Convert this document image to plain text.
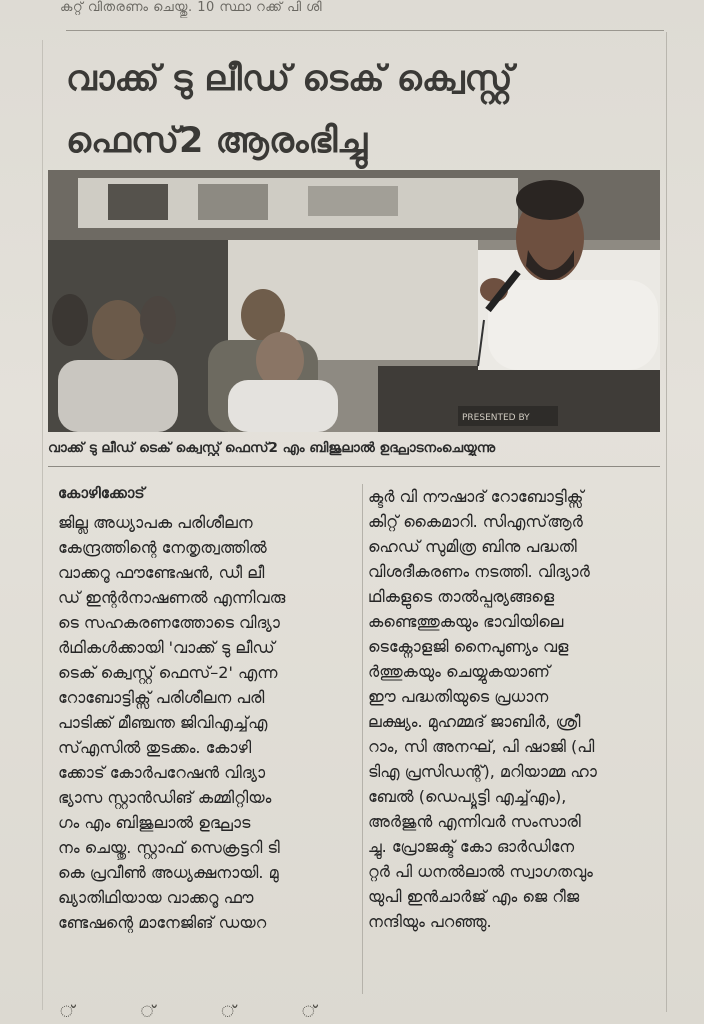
കറ്റ് വിതരണം ചെയ്തു. 10 സ്ഥാ റക്ക് പി ശി
വാക്ക് ടു ലീഡ് ടെക് ക്വെസ്റ്റ്
ഫെസ്2 ആരംഭിച്ചു
PRESENTED BY
വാക്ക് ടു ലീഡ് ടെക് ക്വെസ്റ്റ് ഫെസ്2 എം ബിജുലാൽ ഉദ്ഘാടനംചെയ്യുന്നു
കോഴിക്കോട്
ജില്ല അധ്യാപക പരിശീലന
കേന്ദ്രത്തിന്റെ നേതൃത്വത്തിൽ
വാക്കറൂ ഫൗണ്ടേഷൻ, ഡീ ലീ
ഡ് ഇന്റർനാഷണൽ എന്നിവരു
ടെ സഹകരണത്തോടെ വിദ്യാ
ർഥികൾക്കായി 'വാക്ക് ടു ലീഡ്
ടെക് ക്വെസ്റ്റ് ഫെസ്–2' എന്ന
റോബോട്ടിക്സ് പരിശീലന പരി
പാടിക്ക് മീഞ്ചന്ത ജിവിഎച്ച്എ
സ്എസിൽ തുടക്കം. കോഴി
ക്കോട് കോർപറേഷൻ വിദ്യാ
ഭ്യാസ സ്റ്റാൻഡിങ് കമ്മിറ്റിയം
ഗം എം ബിജുലാൽ ഉദ്ഘാട
നം ചെയ്തു. സ്റ്റാഫ് സെക്രട്ടറി ടി
കെ പ്രവീൺ അധ്യക്ഷനായി. മു
ഖ്യാതിഥിയായ വാക്കറൂ ഫൗ
ണ്ടേഷന്റെ മാനേജിങ് ഡയറ
ക്ടർ വി നൗഷാദ് റോബോട്ടിക്സ്
കിറ്റ് കൈമാറി. സിഎസ്ആർ
ഹെഡ് സുമിത്ര ബിനു പദ്ധതി
വിശദീകരണം നടത്തി. വിദ്യാർ
ഥികളുടെ താൽപ്പര്യങ്ങളെ
കണ്ടെത്തുകയും ഭാവിയിലെ
ടെക്നോളജി നൈപുണ്യം വള
ർത്തുകയും ചെയ്യുകയാണ്
ഈ പദ്ധതിയുടെ പ്രധാന
ലക്ഷ്യം. മുഹമ്മദ് ജാബിർ, ശ്രീ
റാം, സി അനഘ്, പി ഷാജി (പി
ടിഎ പ്രസിഡന്റ്), മറിയാമ്മ ഹാ
ബേൽ (ഡെപ്യൂട്ടി എച്ച്എം),
അർജുൻ എന്നിവർ സംസാരി
ച്ചു. പ്രോജക്ട് കോ ഓർഡിനേ
റ്റർ പി ധനൽലാൽ സ്വാഗതവും
യുപി ഇൻചാർജ് എം ജെ റീജ
നന്ദിയും പറഞ്ഞു.
് ് ് ്
